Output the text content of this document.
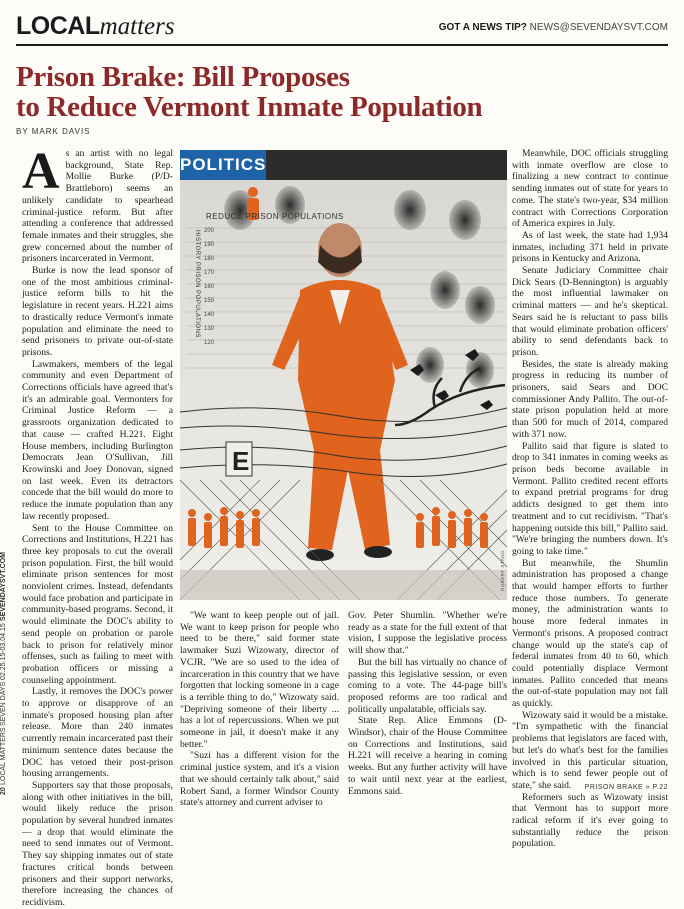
LOCALmatters	GOT A NEWS TIP? NEWS@SEVENDAYSVT.COM
Prison Brake: Bill Proposes
to Reduce Vermont Inmate Population
BY MARK DAVIS

As an artist with no legal background, State Rep. Mollie Burke (P/D-Brattleboro) seems an unlikely candidate to spearhead criminal-justice reform. But after attending a conference that addressed female inmates and their struggles, she grew concerned about the number of prisoners incarcerated in Vermont.

Burke is now the lead sponsor of one of the most ambitious criminal-justice reform bills to hit the legislature in recent years. H.221 aims to drastically reduce Vermont's inmate population and eliminate the need to send prisoners to private out-of-state prisons.

Lawmakers, members of the legal community and even Department of Corrections officials have agreed that's it's an admirable goal. Vermonters for Criminal Justice Reform — a grassroots organization dedicated to that cause — crafted H.221. Eight House members, including Burlington Democrats Jean O'Sullivan, Jill Krowinski and Joey Donovan, signed on last week. Even its detractors concede that the bill would do more to reduce the inmate population than any law recently proposed.

Sent to the House Committee on Corrections and Institutions, H.221 has three key proposals to cut the overall prison population. First, the bill would eliminate prison sentences for most nonviolent crimes. Instead, defendants would face probation and participate in community-based programs. Second, it would eliminate the DOC's ability to send people on probation or parole back to prison for relatively minor offenses, such as failing to meet with probation officers or missing a counseling appointment.

Lastly, it removes the DOC's power to approve or disapprove of an inmate's proposed housing plan after release. More than 240 inmates currently remain incarcerated past their minimum sentence dates because the DOC has vetoed their post-prison housing arrangements.

Supporters say that those proposals, along with other initiatives in the bill, would likely reduce the prison population by several hundred inmates — a drop that would eliminate the need to send inmates out of Vermont. They say shipping inmates out of state fractures critical bonds between prisoners and their support networks, therefore increasing the chances of recidivism.

E
POLITICS
REDUCE PRISON POPULATIONS
HISTORY PRISON POPULATIONS 200
190
180
170
160
150
140
130
120
ROBERT STANG

"We want to keep people out of jail. We want to keep prison for people who need to be there," said former state lawmaker Suzi Wizowaty, director of VCJR. "We are so used to the idea of incarceration in this country that we have forgotten that locking someone in a cage is a terrible thing to do," Wizowaty said. "Depriving someone of their liberty ... has a lot of repercussions. When we put someone in jail, it doesn't make it any better."

"Suzi has a different vision for the criminal justice system, and it's a vision that we should certainly talk about," said Robert Sand, a former Windsor County state's attorney and current adviser to

Gov. Peter Shumlin. "Whether we're ready as a state for the full extent of that vision, I suppose the legislative process will show that."

But the bill has virtually no chance of passing this legislative session, or even coming to a vote. The 44-page bill's proposed reforms are too radical and politically unpalatable, officials say.

State Rep. Alice Emmons (D-Windsor), chair of the House Committee on Corrections and Institutions, said H.221 will receive a hearing in coming weeks. But any further activity will have to wait until next year at the earliest, Emmons said.

Meanwhile, DOC officials struggling with inmate overflow are close to finalizing a new contract to continue sending inmates out of state for years to come. The state's two-year, $34 million contract with Corrections Corporation of America expires in July.

As of last week, the state had 1,934 inmates, including 371 held in private prisons in Kentucky and Arizona.

Senate Judiciary Committee chair Dick Sears (D-Bennington) is arguably the most influential lawmaker on criminal matters — and he's skeptical. Sears said he is reluctant to pass bills that would eliminate probation officers' ability to send defendants back to prison.

Besides, the state is already making progress in reducing its number of prisoners, said Sears and DOC commissioner Andy Pallito. The out-of-state prison population held at more than 500 for much of 2014, compared with 371 now.

Pallito said that figure is slated to drop to 341 inmates in coming weeks as prison beds become available in Vermont. Pallito credited recent efforts to expand pretrial programs for drug addicts designed to get them into treatment and to cut recidivism. "That's happening outside this bill," Pallito said. "We're bringing the numbers down. It's going to take time."

But meanwhile, the Shumlin administration has proposed a change that would hamper efforts to further reduce those numbers. To generate money, the administration wants to house more federal inmates in Vermont's prisons. A proposed contract change would up the state's cap of federal inmates from 40 to 60, which could potentially displace Vermont inmates. Pallito conceded that means the out-of-state population may not fall as quickly.

Wizowaty said it would be a mistake. "I'm sympathetic with the financial problems that legislators are faced with, but let's do what's best for the families involved in this particular situation, which is to send fewer people out of state," she said.

Reformers such as Wizowaty insist that Vermont has to support more radical reform if it's ever going to substantially reduce the prison population.

20 LOCAL MATTERS SEVEN DAYS 02.25.15-03.04.15 SEVENDAYSVT.COM
PRISON BRAKE » P.22
